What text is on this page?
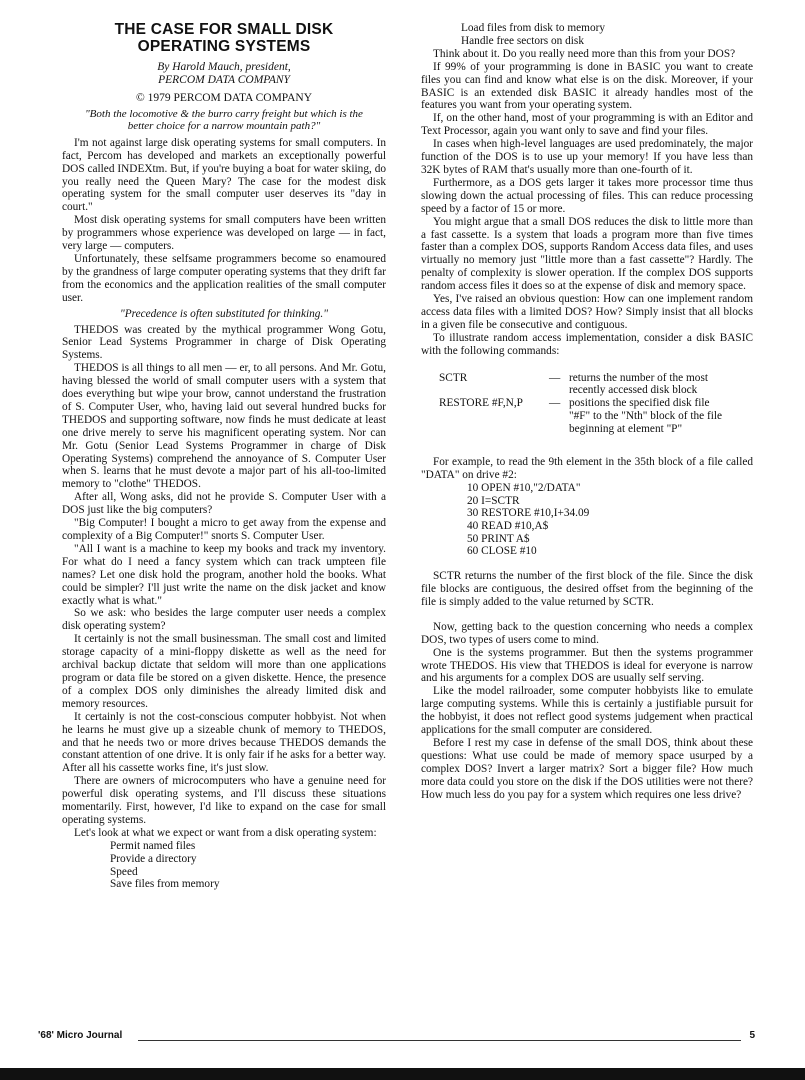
THE CASE FOR SMALL DISK
OPERATING SYSTEMS
By Harold Mauch, president,
PERCOM DATA COMPANY
© 1979 PERCOM DATA COMPANY
"Both the locomotive & the burro carry freight but which is the better choice for a narrow mountain path?"

I'm not against large disk operating systems for small computers. In fact, Percom has developed and markets an exceptionally powerful DOS called INDEXtm. But, if you're buying a boat for water skiing, do you really need the Queen Mary? The case for the modest disk operating system for the small computer user deserves its "day in court."

Most disk operating systems for small computers have been written by programmers whose experience was developed on large — in fact, very large — computers.

Unfortunately, these selfsame programmers become so enamoured by the grandness of large computer operating systems that they drift far from the economics and the application realities of the small computer user.

"Precedence is often substituted for thinking."

THEDOS was created by the mythical programmer Wong Gotu, Senior Lead Systems Programmer in charge of Disk Operating Systems.

THEDOS is all things to all men — er, to all persons. And Mr. Gotu, having blessed the world of small computer users with a system that does everything but wipe your brow, cannot understand the frustration of S. Computer User, who, having laid out several hundred bucks for THEDOS and supporting software, now finds he must dedicate at least one drive merely to serve his magnificent operating system. Nor can Mr. Gotu (Senior Lead Systems Programmer in charge of Disk Operating Systems) comprehend the annoyance of S. Computer User when S. learns that he must devote a major part of his all-too-limited memory to "clothe" THEDOS.

After all, Wong asks, did not he provide S. Computer User with a DOS just like the big computers?

"Big Computer! I bought a micro to get away from the expense and complexity of a Big Computer!" snorts S. Computer User.

"All I want is a machine to keep my books and track my inventory. For what do I need a fancy system which can track umpteen file names? Let one disk hold the program, another hold the books. What could be simpler? I'll just write the name on the disk jacket and know exactly what is what."

So we ask: who besides the large computer user needs a complex disk operating system?

It certainly is not the small businessman. The small cost and limited storage capacity of a mini-floppy diskette as well as the need for archival backup dictate that seldom will more than one applications program or data file be stored on a given diskette. Hence, the presence of a complex DOS only diminishes the already limited disk and memory resources.

It certainly is not the cost-conscious computer hobbyist. Not when he learns he must give up a sizeable chunk of memory to THEDOS, and that he needs two or more drives because THEDOS demands the constant attention of one drive. It is only fair if he asks for a better way. After all his cassette works fine, it's just slow.

There are owners of microcomputers who have a genuine need for powerful disk operating systems, and I'll discuss these situations momentarily. First, however, I'd like to expand on the case for small operating systems.

Let's look at what we expect or want from a disk operating system:

Permit named files
Provide a directory
Speed
Save files from memory
Load files from disk to memory
Handle free sectors on disk

Think about it. Do you really need more than this from your DOS?

If 99% of your programming is done in BASIC you want to create files you can find and know what else is on the disk. Moreover, if your BASIC is an extended disk BASIC it already handles most of the features you want from your operating system.

If, on the other hand, most of your programming is with an Editor and Text Processor, again you want only to save and find your files.

In cases when high-level languages are used predominately, the major function of the DOS is to use up your memory! If you have less than 32K bytes of RAM that's usually more than one-fourth of it.

Furthermore, as a DOS gets larger it takes more processor time thus slowing down the actual processing of files. This can reduce processing speed by a factor of 15 or more.

You might argue that a small DOS reduces the disk to little more than a fast cassette. Is a system that loads a program more than five times faster than a complex DOS, supports Random Access data files, and uses virtually no memory just "little more than a fast cassette"? Hardly. The penalty of complexity is slower operation. If the complex DOS supports random access files it does so at the expense of disk and memory space.

Yes, I've raised an obvious question: How can one implement random access data files with a limited DOS? How? Simply insist that all blocks in a given file be consecutive and contiguous.

To illustrate random access implementation, consider a disk BASIC with the following commands:

SCTR	— returns the number of the most recently accessed disk block
RESTORE #F,N,P	— positions the specified disk file "#F" to the "Nth" block of the file beginning at element "P"

For example, to read the 9th element in the 35th block of a file called "DATA" on drive #2:

10 OPEN #10,"2/DATA"
20 I=SCTR
30 RESTORE #10,I+34.09
40 READ #10,A$
50 PRINT A$
60 CLOSE #10

SCTR returns the number of the first block of the file. Since the disk file blocks are contiguous, the desired offset from the beginning of the file is simply added to the value returned by SCTR.

Now, getting back to the question concerning who needs a complex DOS, two types of users come to mind.

One is the systems programmer. But then the systems programmer wrote THEDOS. His view that THEDOS is ideal for everyone is narrow and his arguments for a complex DOS are usually self serving.

Like the model railroader, some computer hobbyists like to emulate large computing systems. While this is certainly a justifiable pursuit for the hobbyist, it does not reflect good systems judgement when practical applications for the small computer are considered.

Before I rest my case in defense of the small DOS, think about these questions: What use could be made of memory space usurped by a complex DOS? Invert a larger matrix? Sort a bigger file? How much more data could you store on the disk if the DOS utilities were not there? How much less do you pay for a system which requires one less drive?

'68' Micro Journal	5
